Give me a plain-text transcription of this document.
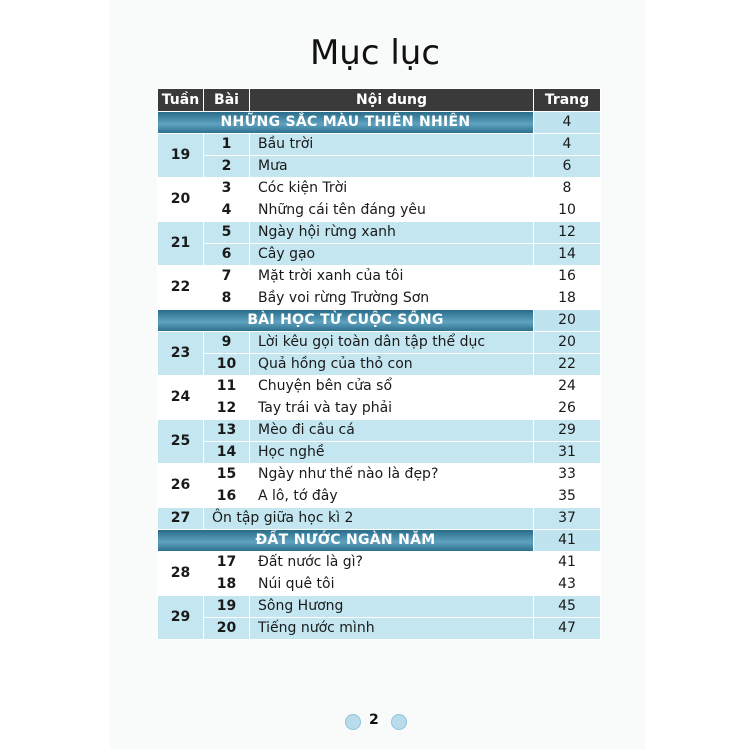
Mục lục
Tuần	Bài	Nội dung	Trang
NHỮNG SẮC MÀU THIÊN NHIÊN			4
19	1	Bầu trời	4
	2	Mưa	6
20	3	Cóc kiện Trời	8
	4	Những cái tên đáng yêu	10
21	5	Ngày hội rừng xanh	12
	6	Cây gạo	14
22	7	Mặt trời xanh của tôi	16
	8	Bầy voi rừng Trường Sơn	18
BÀI HỌC TỪ CUỘC SỐNG			20
23	9	Lời kêu gọi toàn dân tập thể dục	20
	10	Quả hồng của thỏ con	22
24	11	Chuyện bên cửa sổ	24
	12	Tay trái và tay phải	26
25	13	Mèo đi câu cá	29
	14	Học nghề	31
26	15	Ngày như thế nào là đẹp?	33
	16	A lô, tớ đây	35
27	Ôn tập giữa học kì 2		37
ĐẤT NƯỚC NGÀN NĂM			41
28	17	Đất nước là gì?	41
	18	Núi quê tôi	43
29	19	Sông Hương	45
	20	Tiếng nước mình	47
2
